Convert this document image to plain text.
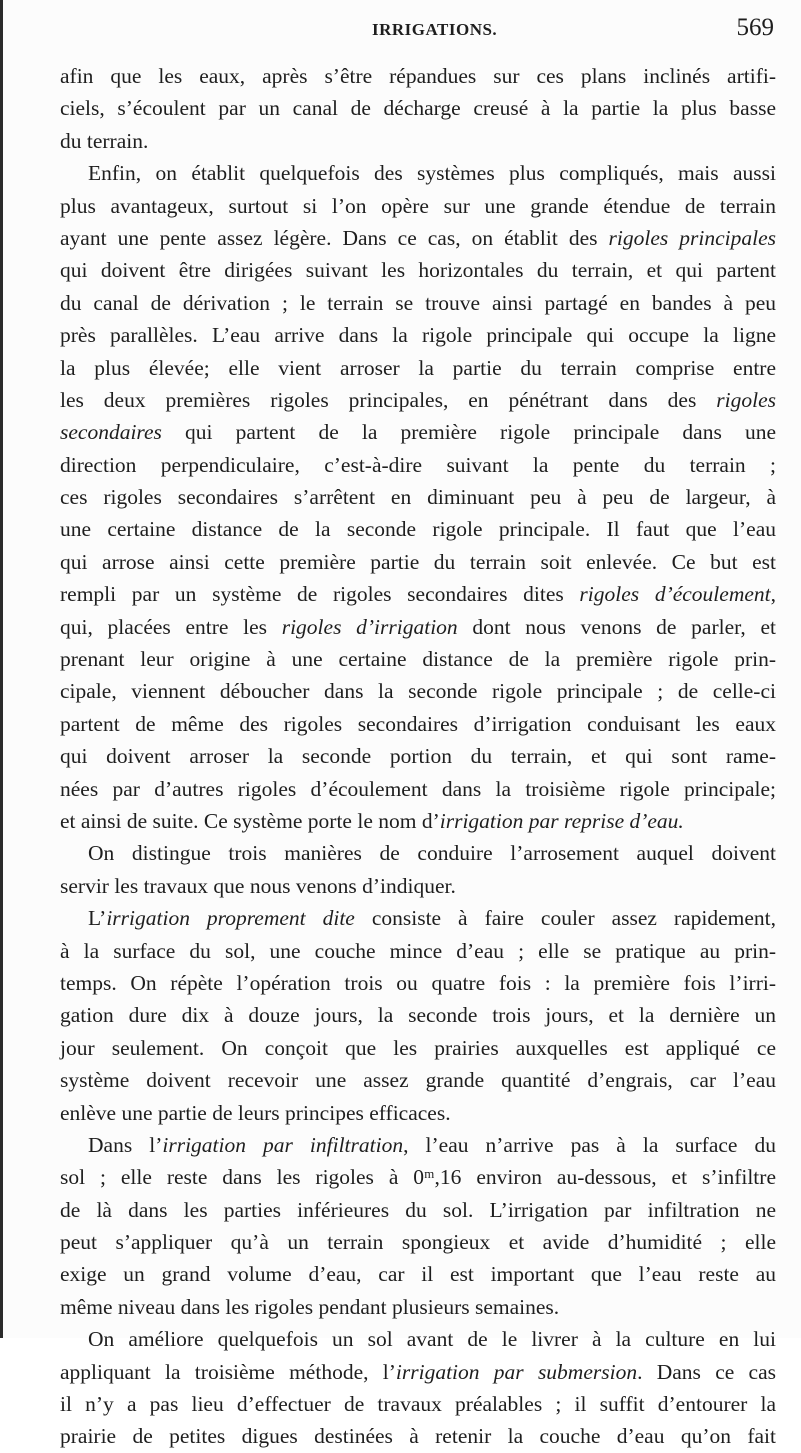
IRRIGATIONS.	569
afin que les eaux, après s’être répandues sur ces plans inclinés artifi-
ciels, s’écoulent par un canal de décharge creusé à la partie la plus basse
du terrain.
Enfin, on établit quelquefois des systèmes plus compliqués, mais aussi
plus avantageux, surtout si l’on opère sur une grande étendue de terrain
ayant une pente assez légère. Dans ce cas, on établit des rigoles principales
qui doivent être dirigées suivant les horizontales du terrain, et qui partent
du canal de dérivation ; le terrain se trouve ainsi partagé en bandes à peu
près parallèles. L’eau arrive dans la rigole principale qui occupe la ligne
la plus élevée; elle vient arroser la partie du terrain comprise entre
les deux premières rigoles principales, en pénétrant dans des rigoles
secondaires qui partent de la première rigole principale dans une
direction perpendiculaire, c’est-à-dire suivant la pente du terrain ;
ces rigoles secondaires s’arrêtent en diminuant peu à peu de largeur, à
une certaine distance de la seconde rigole principale. Il faut que l’eau
qui arrose ainsi cette première partie du terrain soit enlevée. Ce but est
rempli par un système de rigoles secondaires dites rigoles d’écoulement,
qui, placées entre les rigoles d’irrigation dont nous venons de parler, et
prenant leur origine à une certaine distance de la première rigole prin-
cipale, viennent déboucher dans la seconde rigole principale ; de celle-ci
partent de même des rigoles secondaires d’irrigation conduisant les eaux
qui doivent arroser la seconde portion du terrain, et qui sont rame-
nées par d’autres rigoles d’écoulement dans la troisième rigole principale;
et ainsi de suite. Ce système porte le nom d’irrigation par reprise d’eau.
On distingue trois manières de conduire l’arrosement auquel doivent
servir les travaux que nous venons d’indiquer.
L’irrigation proprement dite consiste à faire couler assez rapidement,
à la surface du sol, une couche mince d’eau ; elle se pratique au prin-
temps. On répète l’opération trois ou quatre fois : la première fois l’irri-
gation dure dix à douze jours, la seconde trois jours, et la dernière un
jour seulement. On conçoit que les prairies auxquelles est appliqué ce
système doivent recevoir une assez grande quantité d’engrais, car l’eau
enlève une partie de leurs principes efficaces.
Dans l’irrigation par infiltration, l’eau n’arrive pas à la surface du
sol ; elle reste dans les rigoles à 0ᵐ,16 environ au-dessous, et s’infiltre
de là dans les parties inférieures du sol. L’irrigation par infiltration ne
peut s’appliquer qu’à un terrain spongieux et avide d’humidité ; elle
exige un grand volume d’eau, car il est important que l’eau reste au
même niveau dans les rigoles pendant plusieurs semaines.
On améliore quelquefois un sol avant de le livrer à la culture en lui
appliquant la troisième méthode, l’irrigation par submersion. Dans ce cas
il n’y a pas lieu d’effectuer de travaux préalables ; il suffit d’entourer la
prairie de petites digues destinées à retenir la couche d’eau qu’on fait
